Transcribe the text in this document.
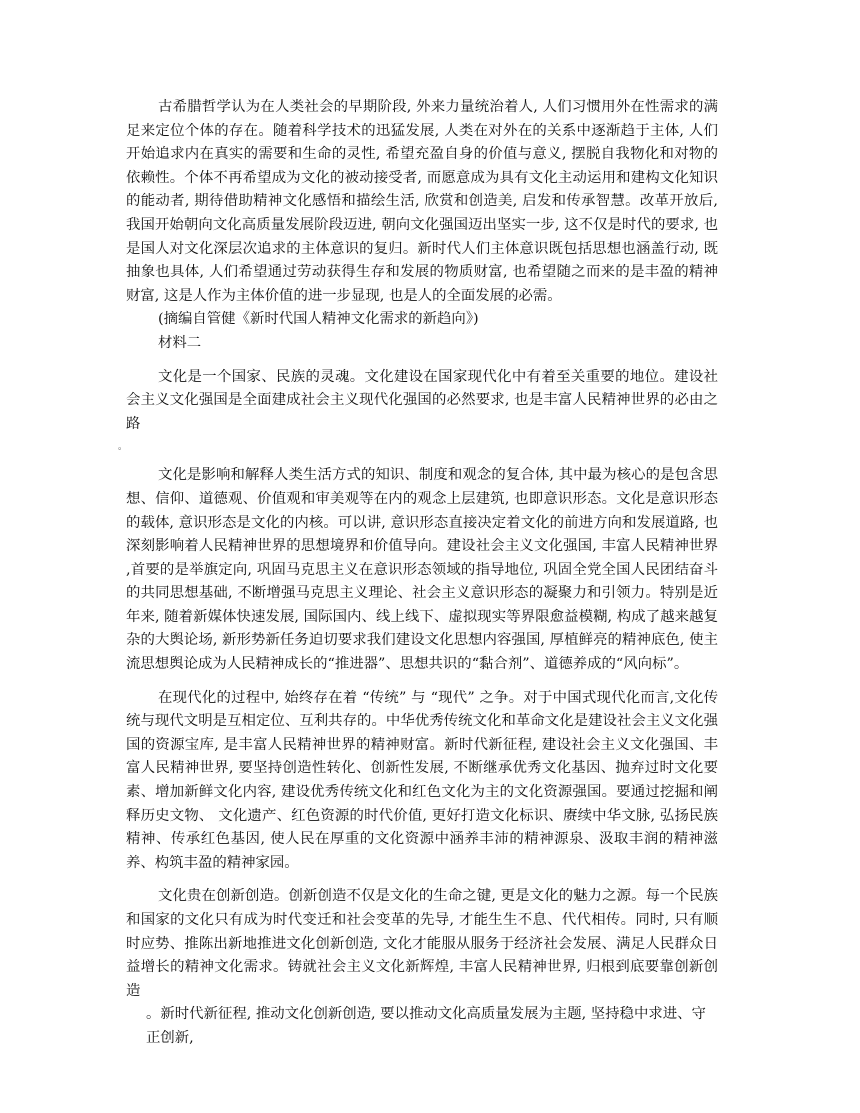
古希腊哲学认为在人类社会的早期阶段, 外来力量统治着人, 人们习惯用外在性需求的满足来定位个体的存在。随着科学技术的迅猛发展, 人类在对外在的关系中逐渐趋于主体, 人们开始追求内在真实的需要和生命的灵性, 希望充盈自身的价值与意义, 摆脱自我物化和对物的依赖性。个体不再希望成为文化的被动接受者, 而愿意成为具有文化主动运用和建构文化知识的能动者, 期待借助精神文化感悟和描绘生活, 欣赏和创造美, 启发和传承智慧。改革开放后,我国开始朝向文化高质量发展阶段迈进, 朝向文化强国迈出坚实一步, 这不仅是时代的要求, 也是国人对文化深层次追求的主体意识的复归。新时代人们主体意识既包括思想也涵盖行动, 既抽象也具体, 人们希望通过劳动获得生存和发展的物质财富, 也希望随之而来的是丰盈的精神财富, 这是人作为主体价值的进一步显现, 也是人的全面发展的必需。

(摘编自管健《新时代国人精神文化需求的新趋向》)

材料二

文化是一个国家、民族的灵魂。文化建设在国家现代化中有着至关重要的地位。建设社会主义文化强国是全面建成社会主义现代化强国的必然要求, 也是丰富人民精神世界的必由之路

。

文化是影响和解释人类生活方式的知识、制度和观念的复合体, 其中最为核心的是包含思想、信仰、道德观、价值观和审美观等在内的观念上层建筑, 也即意识形态。文化是意识形态的载体, 意识形态是文化的内核。可以讲, 意识形态直接决定着文化的前进方向和发展道路, 也深刻影响着人民精神世界的思想境界和价值导向。建设社会主义文化强国, 丰富人民精神世界 ,首要的是举旗定向, 巩固马克思主义在意识形态领域的指导地位, 巩固全党全国人民团结奋斗的共同思想基础, 不断增强马克思主义理论、社会主义意识形态的凝聚力和引领力。特别是近年来, 随着新媒体快速发展, 国际国内、线上线下、虚拟现实等界限愈益模糊, 构成了越来越复杂的大舆论场, 新形势新任务迫切要求我们建设文化思想内容强国, 厚植鲜亮的精神底色, 使主流思想舆论成为人民精神成长的“推进器”、思想共识的“黏合剂”、道德养成的“风向标”。

在现代化的过程中, 始终存在着 “传统” 与 “现代” 之争。对于中国式现代化而言,文化传统与现代文明是互相定位、互利共存的。中华优秀传统文化和革命文化是建设社会主义文化强国的资源宝库, 是丰富人民精神世界的精神财富。新时代新征程, 建设社会主义文化强国、丰富人民精神世界, 要坚持创造性转化、创新性发展, 不断继承优秀文化基因、抛弃过时文化要素、增加新鲜文化内容, 建设优秀传统文化和红色文化为主的文化资源强国。要通过挖掘和阐释历史文物、 文化遗产、红色资源的时代价值, 更好打造文化标识、赓续中华文脉, 弘扬民族精神、传承红色基因, 使人民在厚重的文化资源中涵养丰沛的精神源泉、汲取丰润的精神滋养、构筑丰盈的精神家园。

文化贵在创新创造。创新创造不仅是文化的生命之键, 更是文化的魅力之源。每一个民族和国家的文化只有成为时代变迁和社会变革的先导, 才能生生不息、代代相传。同时, 只有顺时应势、推陈出新地推进文化创新创造, 文化才能服从服务于经济社会发展、满足人民群众日益增长的精神文化需求。铸就社会主义文化新辉煌, 丰富人民精神世界, 归根到底要靠创新创造

。新时代新征程, 推动文化创新创造, 要以推动文化高质量发展为主题, 坚持稳中求进、守正创新,
